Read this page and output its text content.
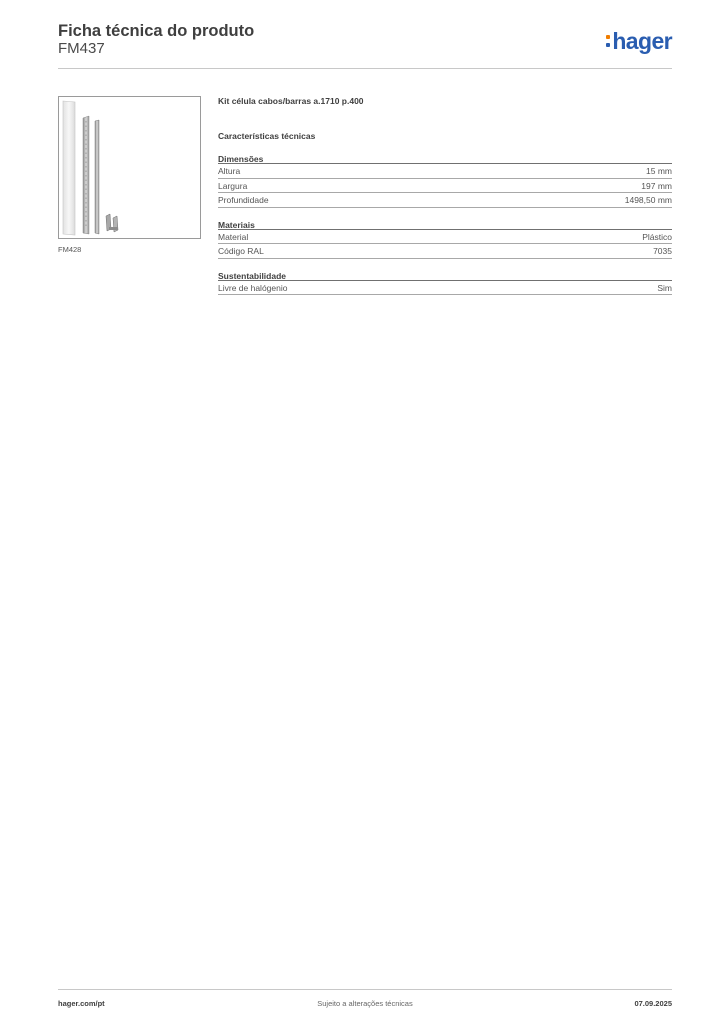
Ficha técnica do produto
FM437	hager
FM428
Kit célula cabos/barras a.1710 p.400
Características técnicas
Dimensões
Altura	15 mm
Largura	197 mm
Profundidade	1498,50 mm
Materiais
Material	Plástico
Código RAL	7035
Sustentabilidade
Livre de halógenio	Sim
hager.com/pt	Sujeito a alterações técnicas	07.09.2025
